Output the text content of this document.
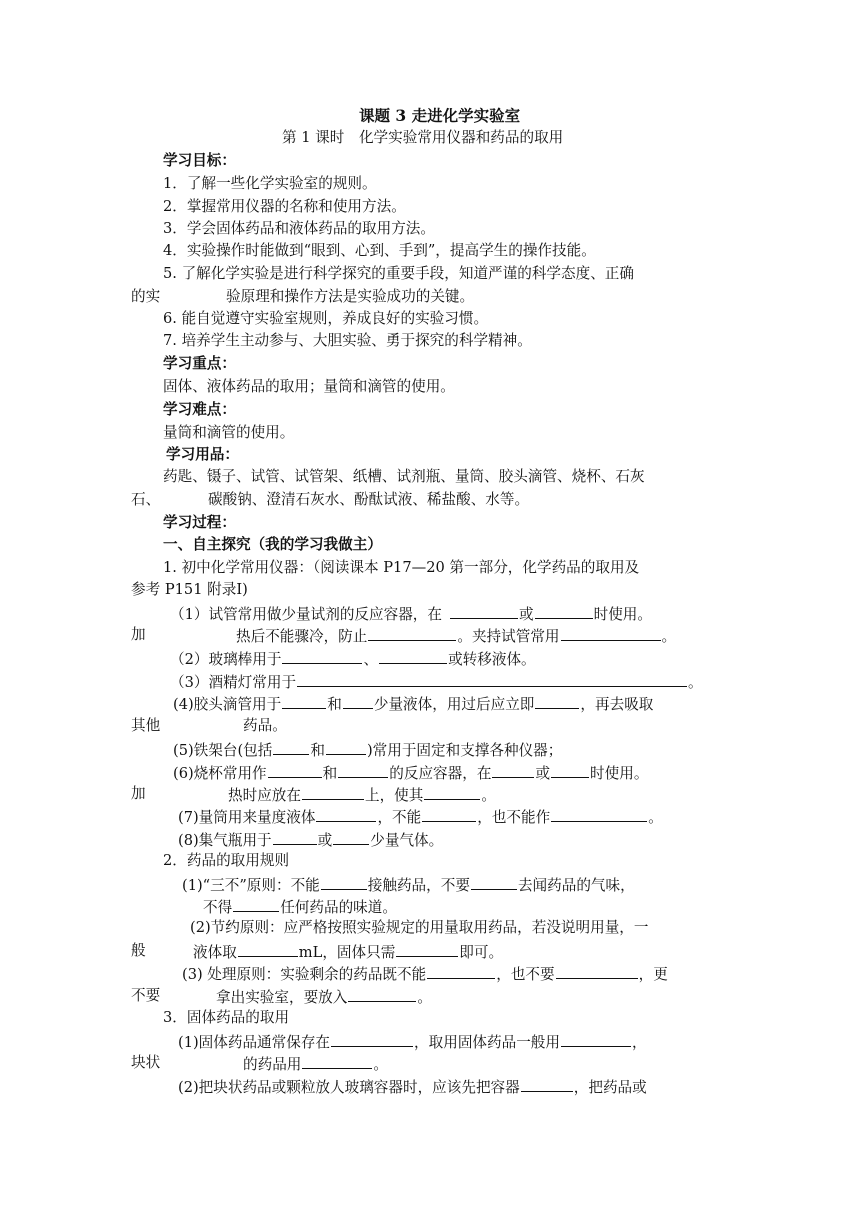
课题 3 走进化学实验室
第 1 课时　化学实验常用仪器和药品的取用
学习目标：
1．了解一些化学实验室的规则。
2．掌握常用仪器的名称和使用方法。
3．学会固体药品和液体药品的取用方法。
4．实验操作时能做到“眼到、心到、手到”，提高学生的操作技能。
5. 了解化学实验是进行科学探究的重要手段，知道严谨的科学态度、正确
的实	验原理和操作方法是实验成功的关键。
6. 能自觉遵守实验室规则，养成良好的实验习惯。
7. 培养学生主动参与、大胆实验、勇于探究的科学精神。
学习重点：
固体、液体药品的取用；量筒和滴管的使用。
学习难点：
量筒和滴管的使用。
学习用品：
药匙、镊子、试管、试管架、纸槽、试剂瓶、量筒、胶头滴管、烧杯、石灰
石、	碳酸钠、澄清石灰水、酚酞试液、稀盐酸、水等。
学习过程：
一、自主探究（我的学习我做主）
1. 初中化学常用仪器：（阅读课本 P17—20 第一部分，化学药品的取用及
参考 P151 附录Ⅰ)
（1）试管常用做少量试剂的反应容器，在	或	时使用。
加	热后不能骤冷，防止	。夹持试管常用	。
（2）玻璃棒用于	、	或转移液体。
（3）酒精灯常用于	。
(4)胶头滴管用于	和 少量液体，用过后应立即	，再去吸取
其他	药品。
(5)铁架台(包括	和	)常用于固定和支撑各种仪器；
(6)烧杯常用作	和	的反应容器，在	或	时使用。
加	热时应放在	上，使其	。
(7)量筒用来量度液体	，不能	，也不能作	。
(8)集气瓶用于	或	少量气体。
2．药品的取用规则
(1)“三不”原则：不能	接触药品，不要	去闻药品的气味，
不得	任何药品的味道。
(2)节约原则：应严格按照实验规定的用量取用药品，若没说明用量，一
般	液体取	mL，固体只需	即可。
(3) 处理原则：实验剩余的药品既不能	，也不要	，更
不要	拿出实验室，要放入	。
3．固体药品的取用
(1)固体药品通常保存在	，取用固体药品一般用	，
块状	的药品用	。
(2)把块状药品或颗粒放人玻璃容器时，应该先把容器	，把药品或
